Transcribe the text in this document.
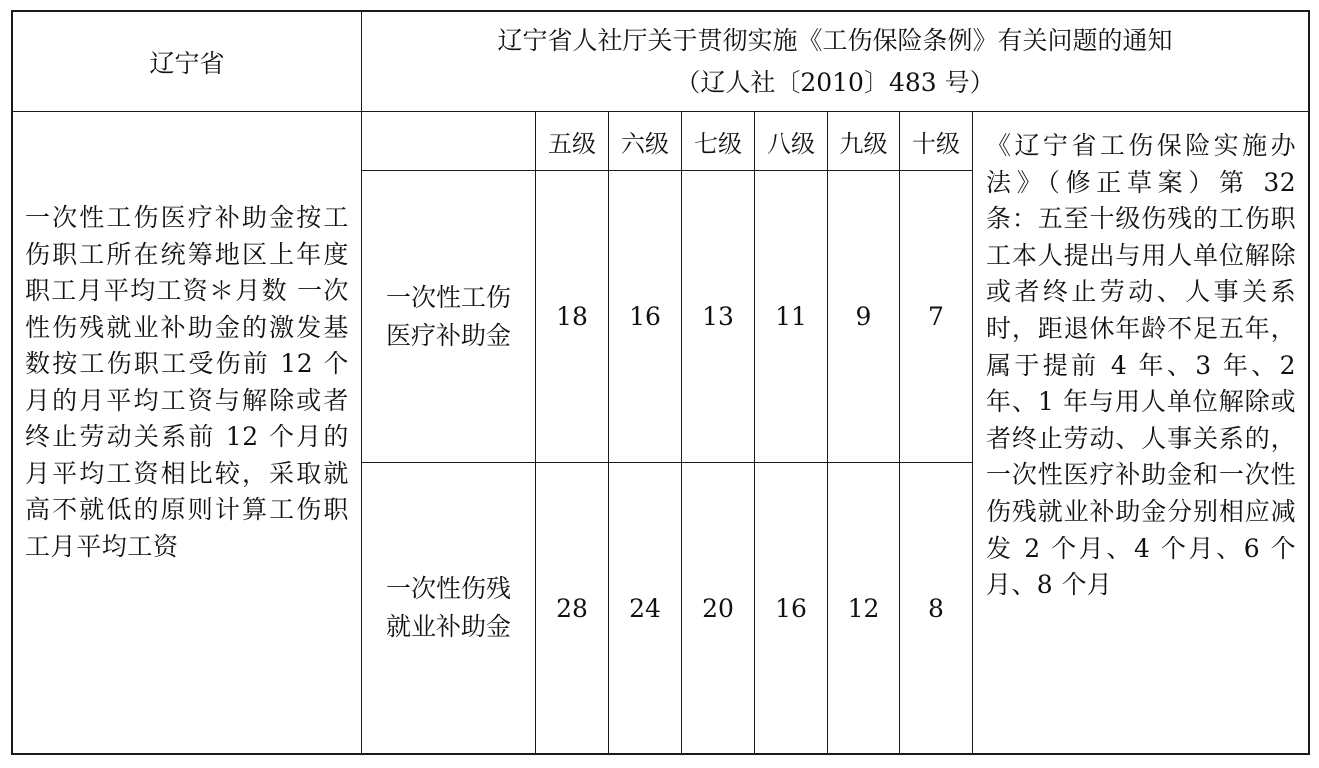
辽宁省
辽宁省人社厅关于贯彻实施《工伤保险条例》有关问题的通知
（辽人社〔2010〕483 号）
一次性工伤医疗补助金按工伤职工所在统筹地区上年度职工月平均工资＊月数 一次性伤残就业补助金的激发基数按工伤职工受伤前 12 个月的月平均工资与解除或者终止劳动关系前 12 个月的月平均工资相比较，采取就高不就低的原则计算工伤职工月平均工资
五级	六级	七级	八级	九级	十级
一次性工伤
医疗补助金
18	16	13	11	9	7
一次性伤残
就业补助金
28	24	20	16	12	8
《辽宁省工伤保险实施办法》（修正草案）第 32 条：五至十级伤残的工伤职工本人提出与用人单位解除或者终止劳动、人事关系时，距退休年龄不足五年，属于提前 4 年、3 年、2 年、1 年与用人单位解除或者终止劳动、人事关系的，一次性医疗补助金和一次性伤残就业补助金分别相应减发 2 个月、4 个月、6 个月、8 个月
